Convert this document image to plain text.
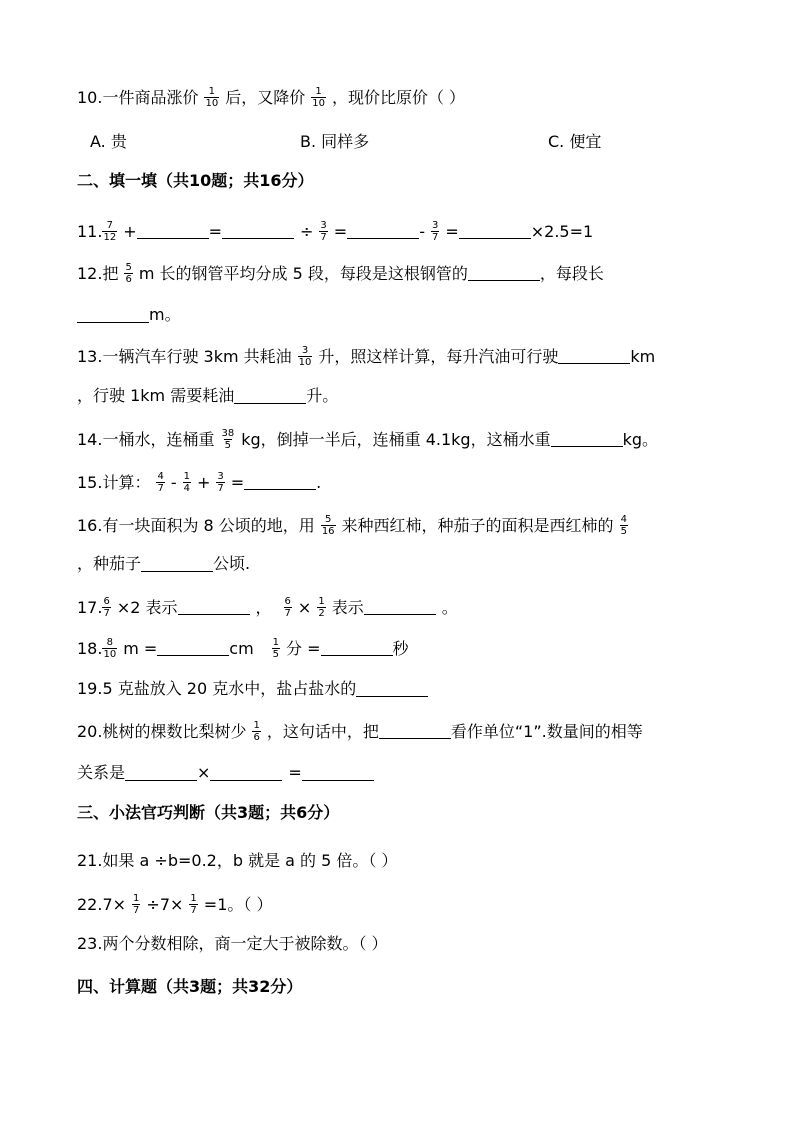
10.一件商品涨价 $\frac{1}{10}$ 后，又降价 $\frac{1}{10}$ ，现价比原价（ ）
A. 贵	B. 同样多	C. 便宜
二、填一填（共10题；共16分）
11. $\frac{7}{12}$ +	=	÷ $\frac{3}{7}$ =	- $\frac{3}{7}$ =	×2.5=1
12.把 $\frac{5}{6}$ m 长的钢管平均分成 5 段，每段是这根钢管的	，每段长
m。
13.一辆汽车行驶 3km 共耗油 $\frac{3}{10}$ 升，照这样计算，每升汽油可行驶	km
，行驶 1km 需要耗油	升。
14.一桶水，连桶重 $\frac{38}{5}$ kg，倒掉一半后，连桶重 4.1kg，这桶水重	kg。
15.计算： $\frac{4}{7} - \frac{1}{4} + \frac{3}{7}$ =	.
16.有一块面积为 8 公顷的地，用 $\frac{5}{16}$ 来种西红柿，种茄子的面积是西红柿的 $\frac{4}{5}$
，种茄子	公顷.
17. $\frac{6}{7} \times 2$ 表示	， $\frac{6}{7} \times \frac{1}{2}$ 表示	。
18. $\frac{8}{10}$ m =	cm $\frac{1}{5}$ 分 =	秒
19.5 克盐放入 20 克水中，盐占盐水的
20.桃树的棵数比梨树少 $\frac{1}{6}$ ，这句话中，把	看作单位“1”.数量间的相等
关系是	×	=
三、小法官巧判断（共3题；共6分）
21.如果 a ÷b=0.2，b 就是 a 的 5 倍。（ ）
$22.7\times \frac{1}{7} \div 7\times \frac{1}{7} =1$。（ ）
23.两个分数相除，商一定大于被除数。（ ）
四、计算题（共3题；共32分）
